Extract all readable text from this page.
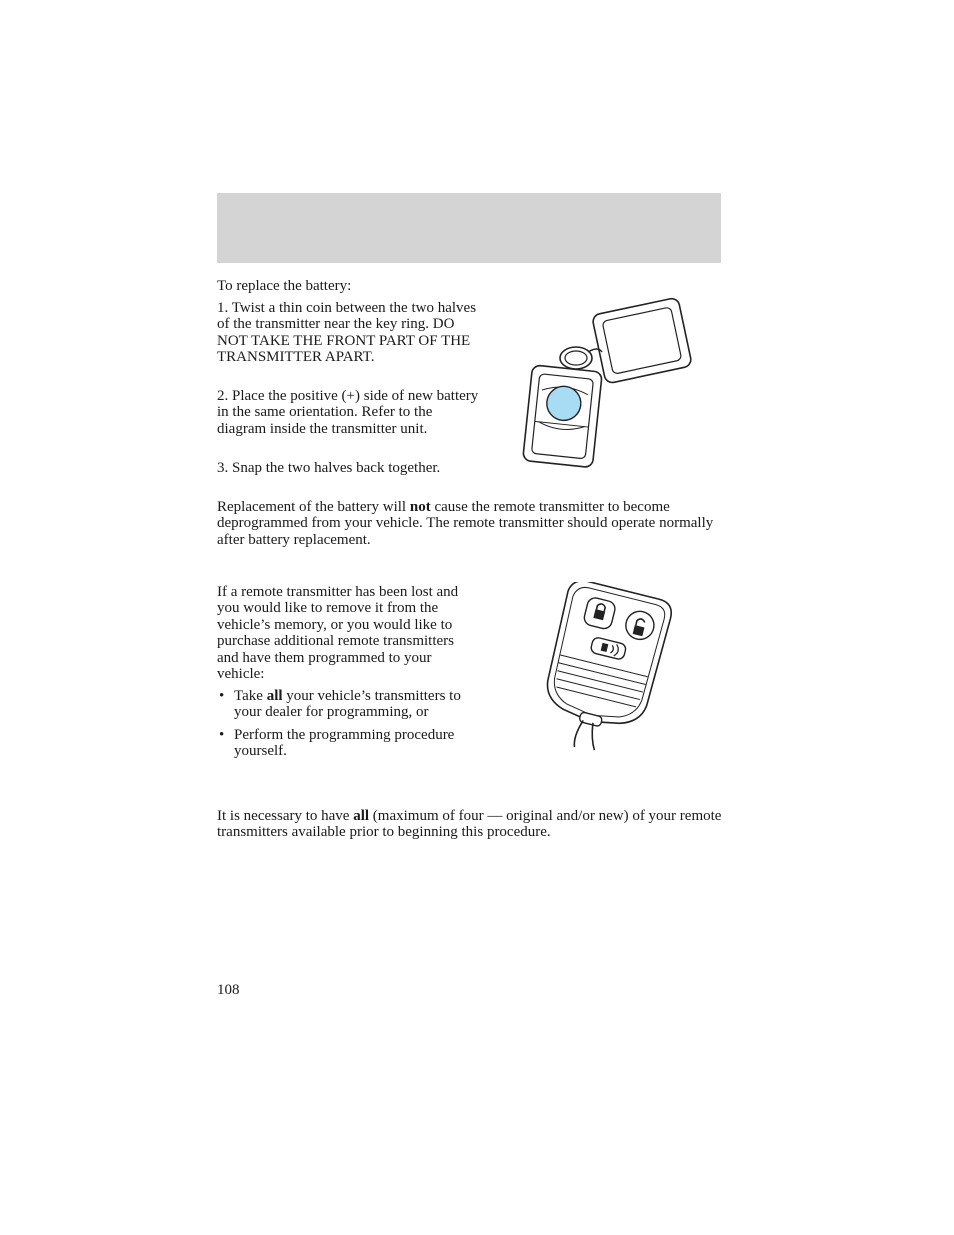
To replace the battery:
1. Twist a thin coin between the two halves of the transmitter near the key ring. DO NOT TAKE THE FRONT PART OF THE TRANSMITTER APART.
2. Place the positive (+) side of new battery in the same orientation. Refer to the diagram inside the transmitter unit.
3. Snap the two halves back together.
Replacement of the battery will not cause the remote transmitter to become deprogrammed from your vehicle. The remote transmitter should operate normally after battery replacement.
If a remote transmitter has been lost and you would like to remove it from the vehicle’s memory, or you would like to purchase additional remote transmitters and have them programmed to your vehicle:
• Take all your vehicle’s transmitters to your dealer for programming, or
• Perform the programming procedure yourself.
It is necessary to have all (maximum of four — original and/or new) of your remote transmitters available prior to beginning this procedure.
108
